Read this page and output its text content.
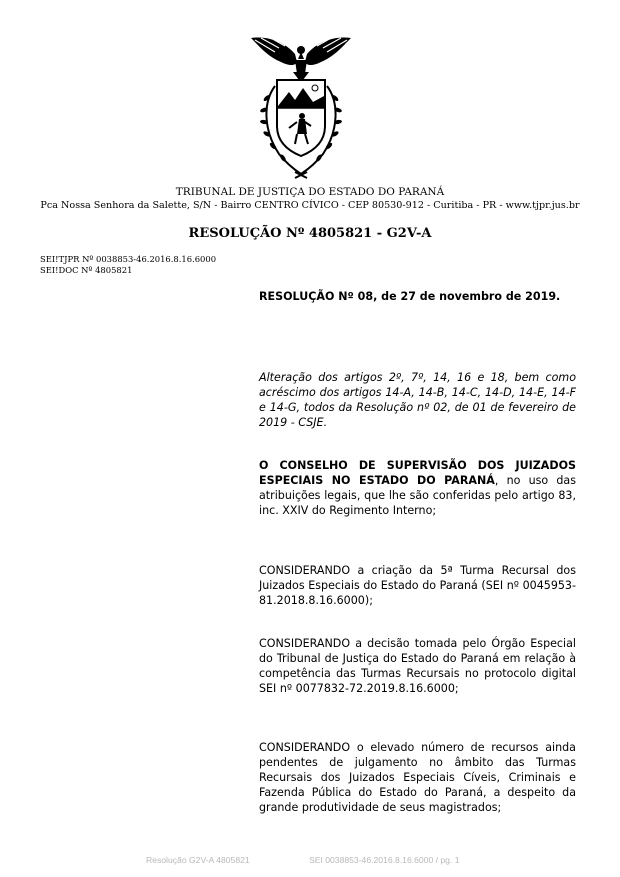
TRIBUNAL DE JUSTIÇA DO ESTADO DO PARANÁ
Pca Nossa Senhora da Salette, S/N - Bairro CENTRO CÍVICO - CEP 80530-912 - Curitiba - PR - www.tjpr.jus.br
RESOLUÇÃO Nº 4805821 - G2V-A
SEI!TJPR Nº 0038853-46.2016.8.16.6000
SEI!DOC Nº 4805821
RESOLUÇÃO Nº 08, de 27 de novembro de 2019.
Alteração dos artigos 2º, 7º, 14, 16 e 18, bem como acréscimo dos artigos 14-A, 14-B, 14-C, 14-D, 14-E, 14-F e 14-G, todos da Resolução nº 02, de 01 de fevereiro de 2019 - CSJE.
O CONSELHO DE SUPERVISÃO DOS JUIZADOS ESPECIAIS NO ESTADO DO PARANÁ, no uso das atribuições legais, que lhe são conferidas pelo artigo 83, inc. XXIV do Regimento Interno;
CONSIDERANDO a criação da 5ª Turma Recursal dos Juizados Especiais do Estado do Paraná (SEI nº 0045953-81.2018.8.16.6000);
CONSIDERANDO a decisão tomada pelo Órgão Especial do Tribunal de Justiça do Estado do Paraná em relação à competência das Turmas Recursais no protocolo digital SEI nº 0077832-72.2019.8.16.6000;
CONSIDERANDO o elevado número de recursos ainda pendentes de julgamento no âmbito das Turmas Recursais dos Juizados Especiais Cíveis, Criminais e Fazenda Pública do Estado do Paraná, a despeito da grande produtividade de seus magistrados;
Resolução G2V-A 4805821	SEI 0038853-46.2016.8.16.6000 / pg. 1
